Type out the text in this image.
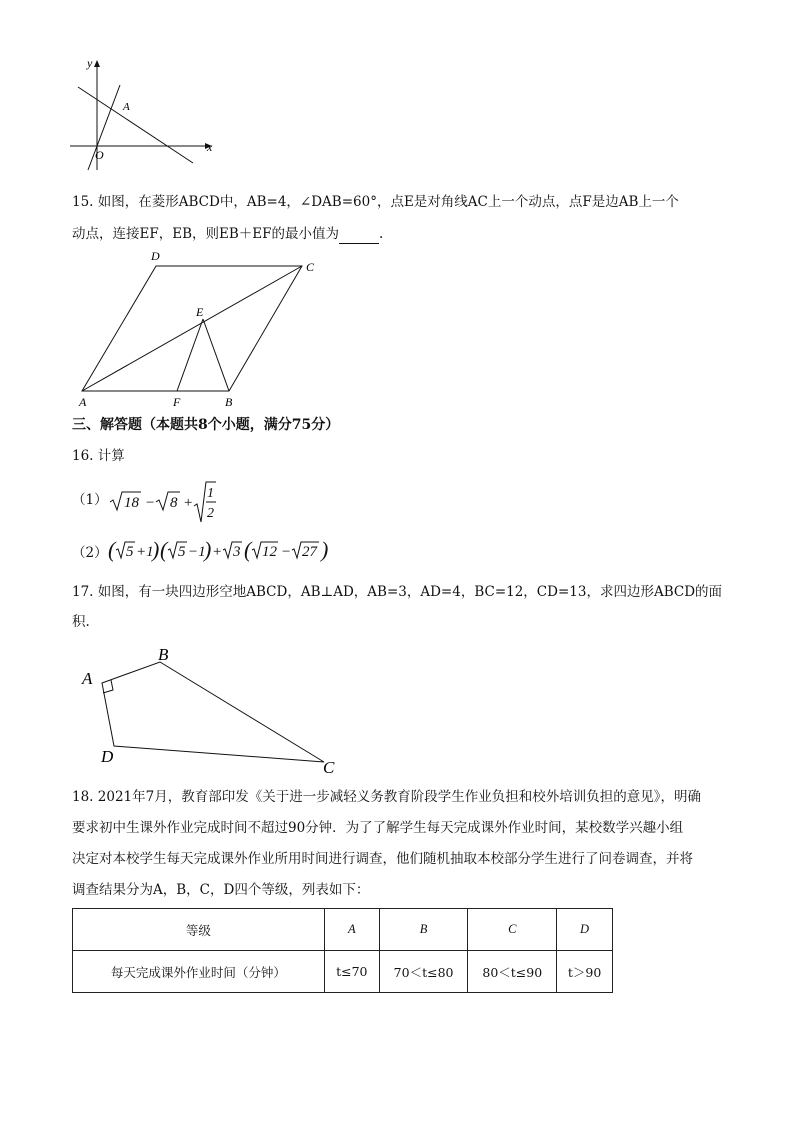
y
x
O
A
15. 如图，在菱形ABCD中，AB=4，∠DAB=60°，点E是对角线AC上一个动点，点F是边AB上一个
动点，连接EF，EB，则EB＋EF的最小值为	.
D
C
E
A	F	B
三、解答题（本题共8个小题，满分75分）
16. 计算
（1） 18 − 8 +
1
2
（2） ( 5 +1
) ( 5 −1
) + 3 ( 12 − 27 )
17. 如图，有一块四边形空地ABCD，AB⊥AD，AB=3，AD=4，BC=12，CD=13，求四边形ABCD的面
积.
A
B
C
D
18. 2021年7月，教育部印发《关于进一步减轻义务教育阶段学生作业负担和校外培训负担的意见》，明确
要求初中生课外作业完成时间不超过90分钟．为了了解学生每天完成课外作业时间，某校数学兴趣小组
决定对本校学生每天完成课外作业所用时间进行调查，他们随机抽取本校部分学生进行了问卷调查，并将
调查结果分为A，B，C，D四个等级，列表如下：
等级	A	B	C	D
每天完成课外作业时间（分钟）	t≤70	70＜t≤80	80＜t≤90	t＞90
